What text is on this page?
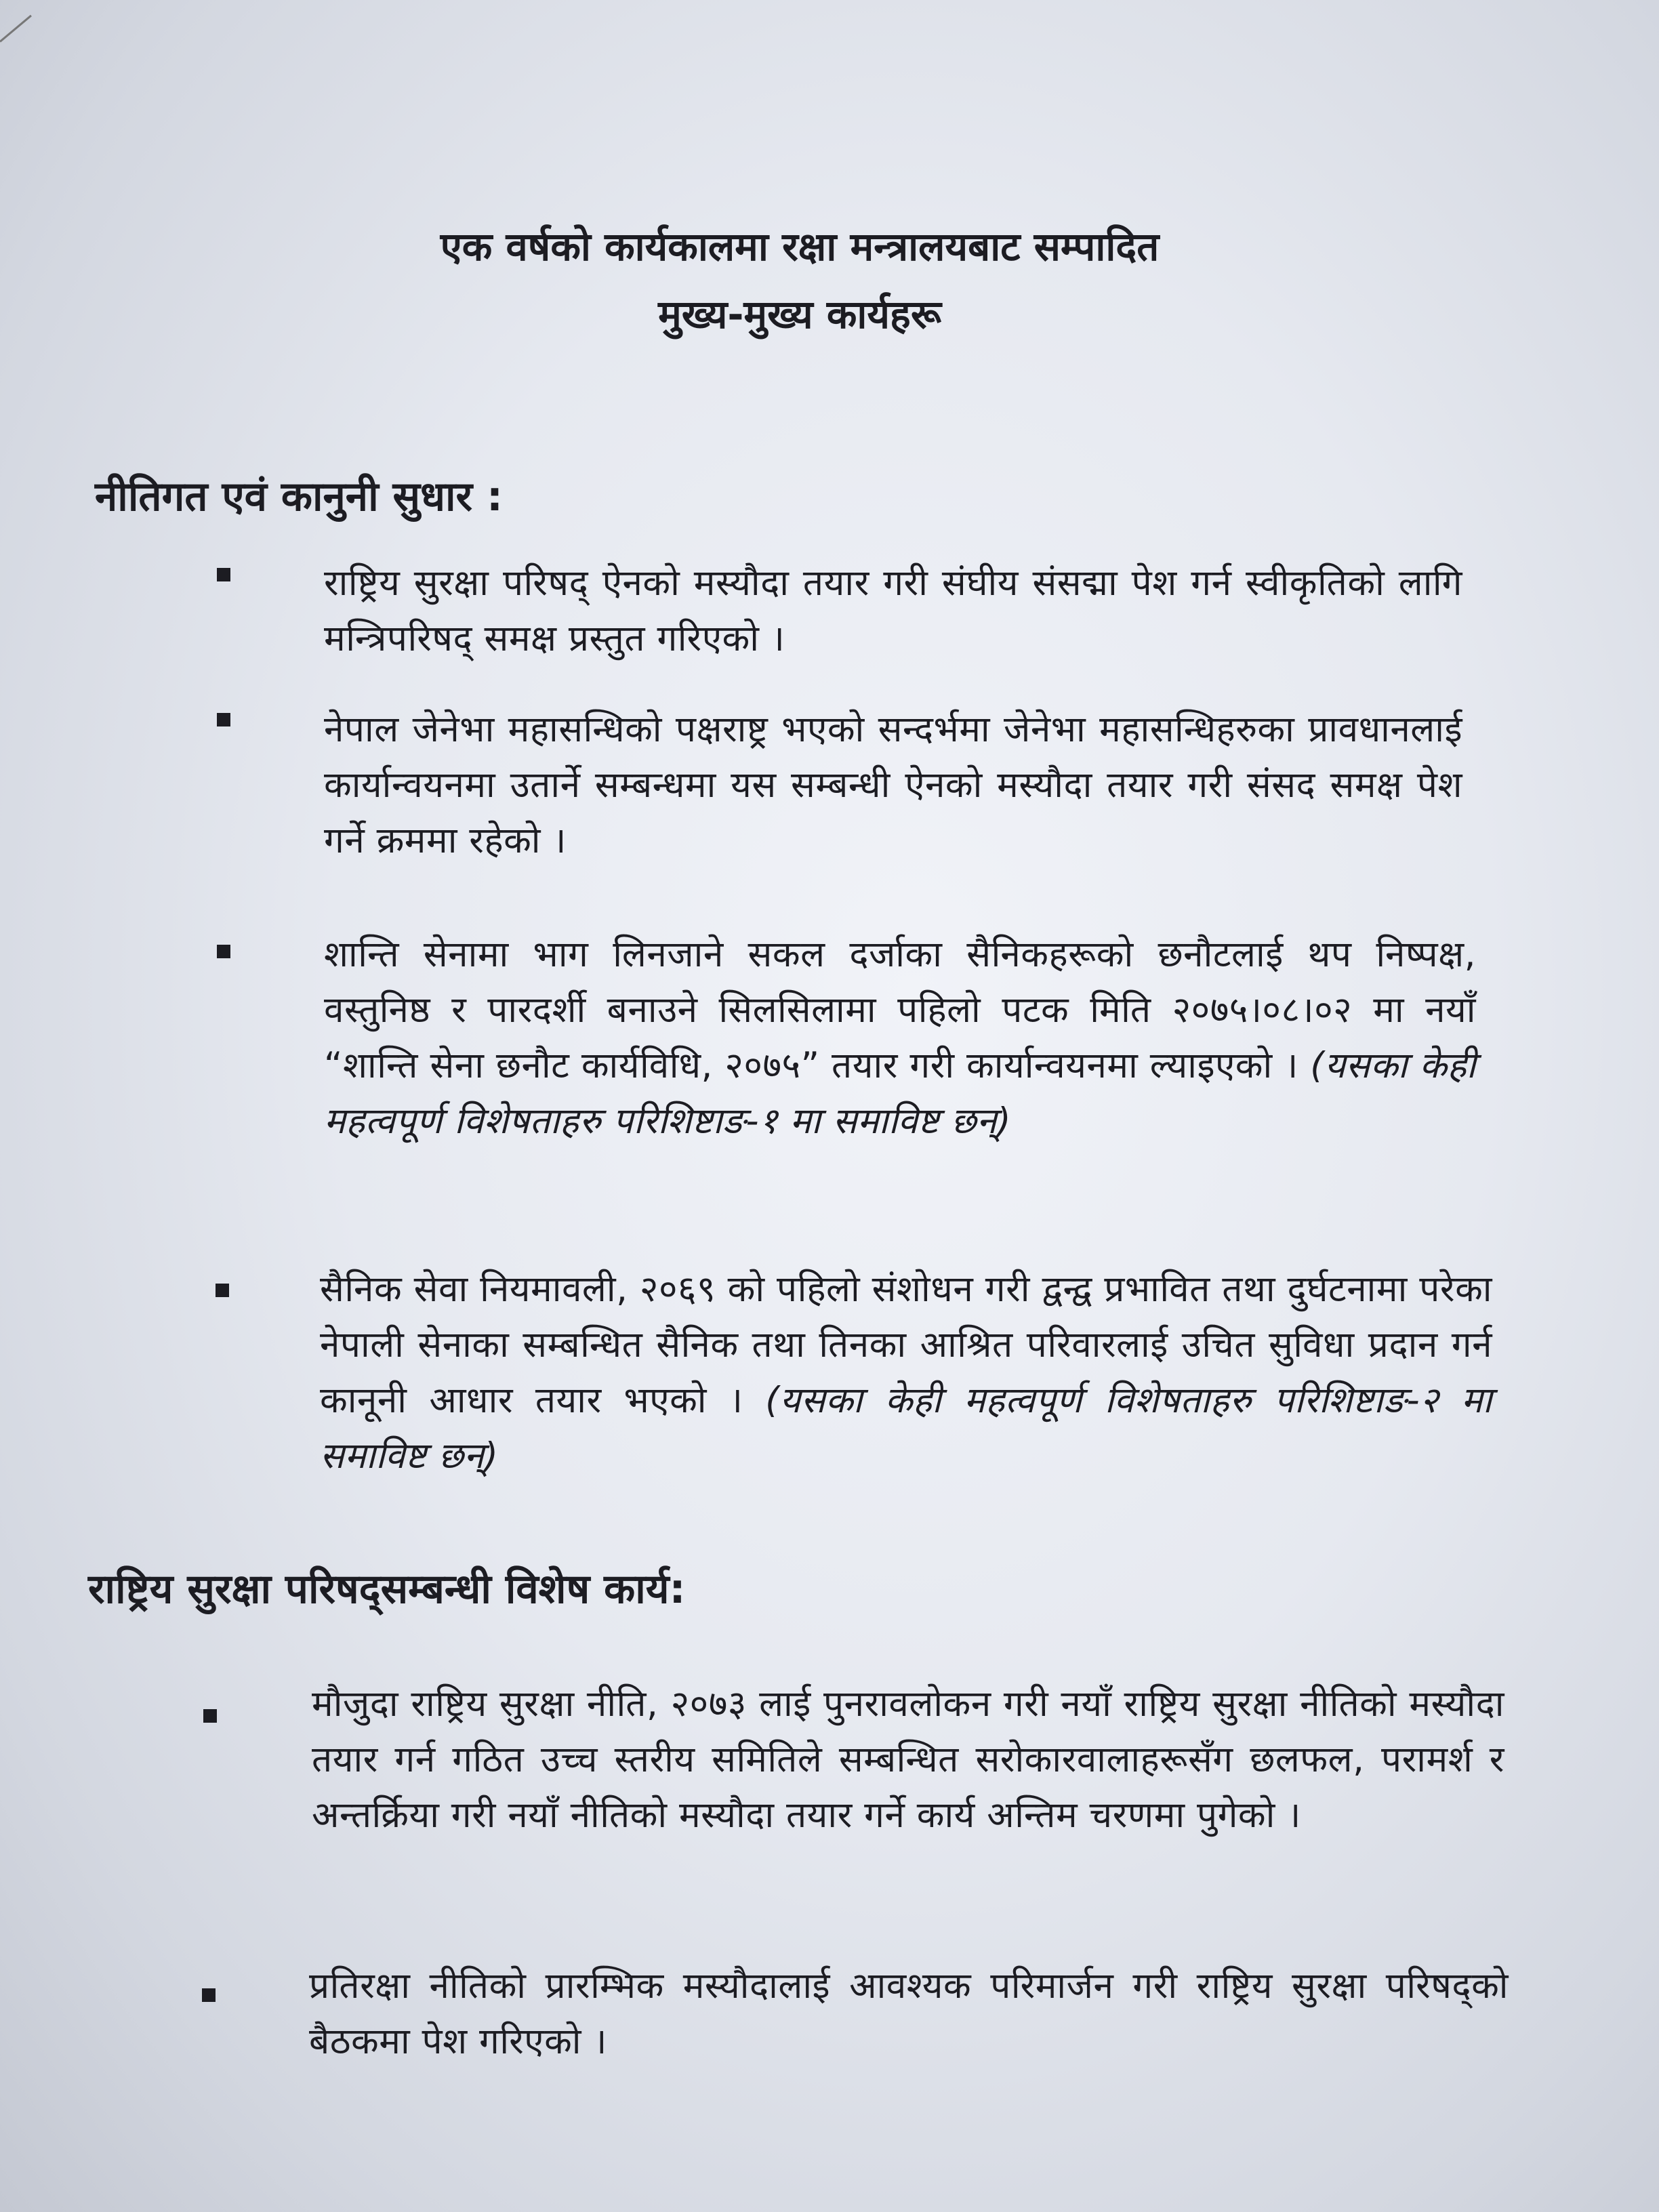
एक वर्षको कार्यकालमा रक्षा मन्त्रालयबाट सम्पादित
मुख्य-मुख्य कार्यहरू
नीतिगत एवं कानुनी सुधार :
राष्ट्रिय सुरक्षा परिषद् ऐनको मस्यौदा तयार गरी संघीय संसद्मा पेश गर्न स्वीकृतिको लागि मन्त्रिपरिषद् समक्ष प्रस्तुत गरिएको ।
नेपाल जेनेभा महासन्धिको पक्षराष्ट्र भएको सन्दर्भमा जेनेभा महासन्धिहरुका प्रावधानलाई कार्यान्वयनमा उतार्ने सम्बन्धमा यस सम्बन्धी ऐनको मस्यौदा तयार गरी संसद समक्ष पेश गर्ने क्रममा रहेको ।
शान्ति सेनामा भाग लिनजाने सकल दर्जाका सैनिकहरूको छनौटलाई थप निष्पक्ष, वस्तुनिष्ठ र पारदर्शी बनाउने सिलसिलामा पहिलो पटक मिति २०७५।०८।०२ मा नयाँ “शान्ति सेना छनौट कार्यविधि, २०७५” तयार गरी कार्यान्वयनमा ल्याइएको । (यसका केही महत्वपूर्ण विशेषताहरु परिशिष्टाङ-१ मा समाविष्ट छन्)
सैनिक सेवा नियमावली, २०६९ को पहिलो संशोधन गरी द्वन्द्व प्रभावित तथा दुर्घटनामा परेका नेपाली सेनाका सम्बन्धित सैनिक तथा तिनका आश्रित परिवारलाई उचित सुविधा प्रदान गर्न कानूनी आधार तयार भएको । (यसका केही महत्वपूर्ण विशेषताहरु परिशिष्टाङ-२ मा समाविष्ट छन्)
राष्ट्रिय सुरक्षा परिषद्सम्बन्धी विशेष कार्य:
मौजुदा राष्ट्रिय सुरक्षा नीति, २०७३ लाई पुनरावलोकन गरी नयाँ राष्ट्रिय सुरक्षा नीतिको मस्यौदा तयार गर्न गठित उच्च स्तरीय समितिले सम्बन्धित सरोकारवालाहरूसँग छलफल, परामर्श र अन्तर्क्रिया गरी नयाँ नीतिको मस्यौदा तयार गर्ने कार्य अन्तिम चरणमा पुगेको ।
प्रतिरक्षा नीतिको प्रारम्भिक मस्यौदालाई आवश्यक परिमार्जन गरी राष्ट्रिय सुरक्षा परिषद्को बैठकमा पेश गरिएको ।
